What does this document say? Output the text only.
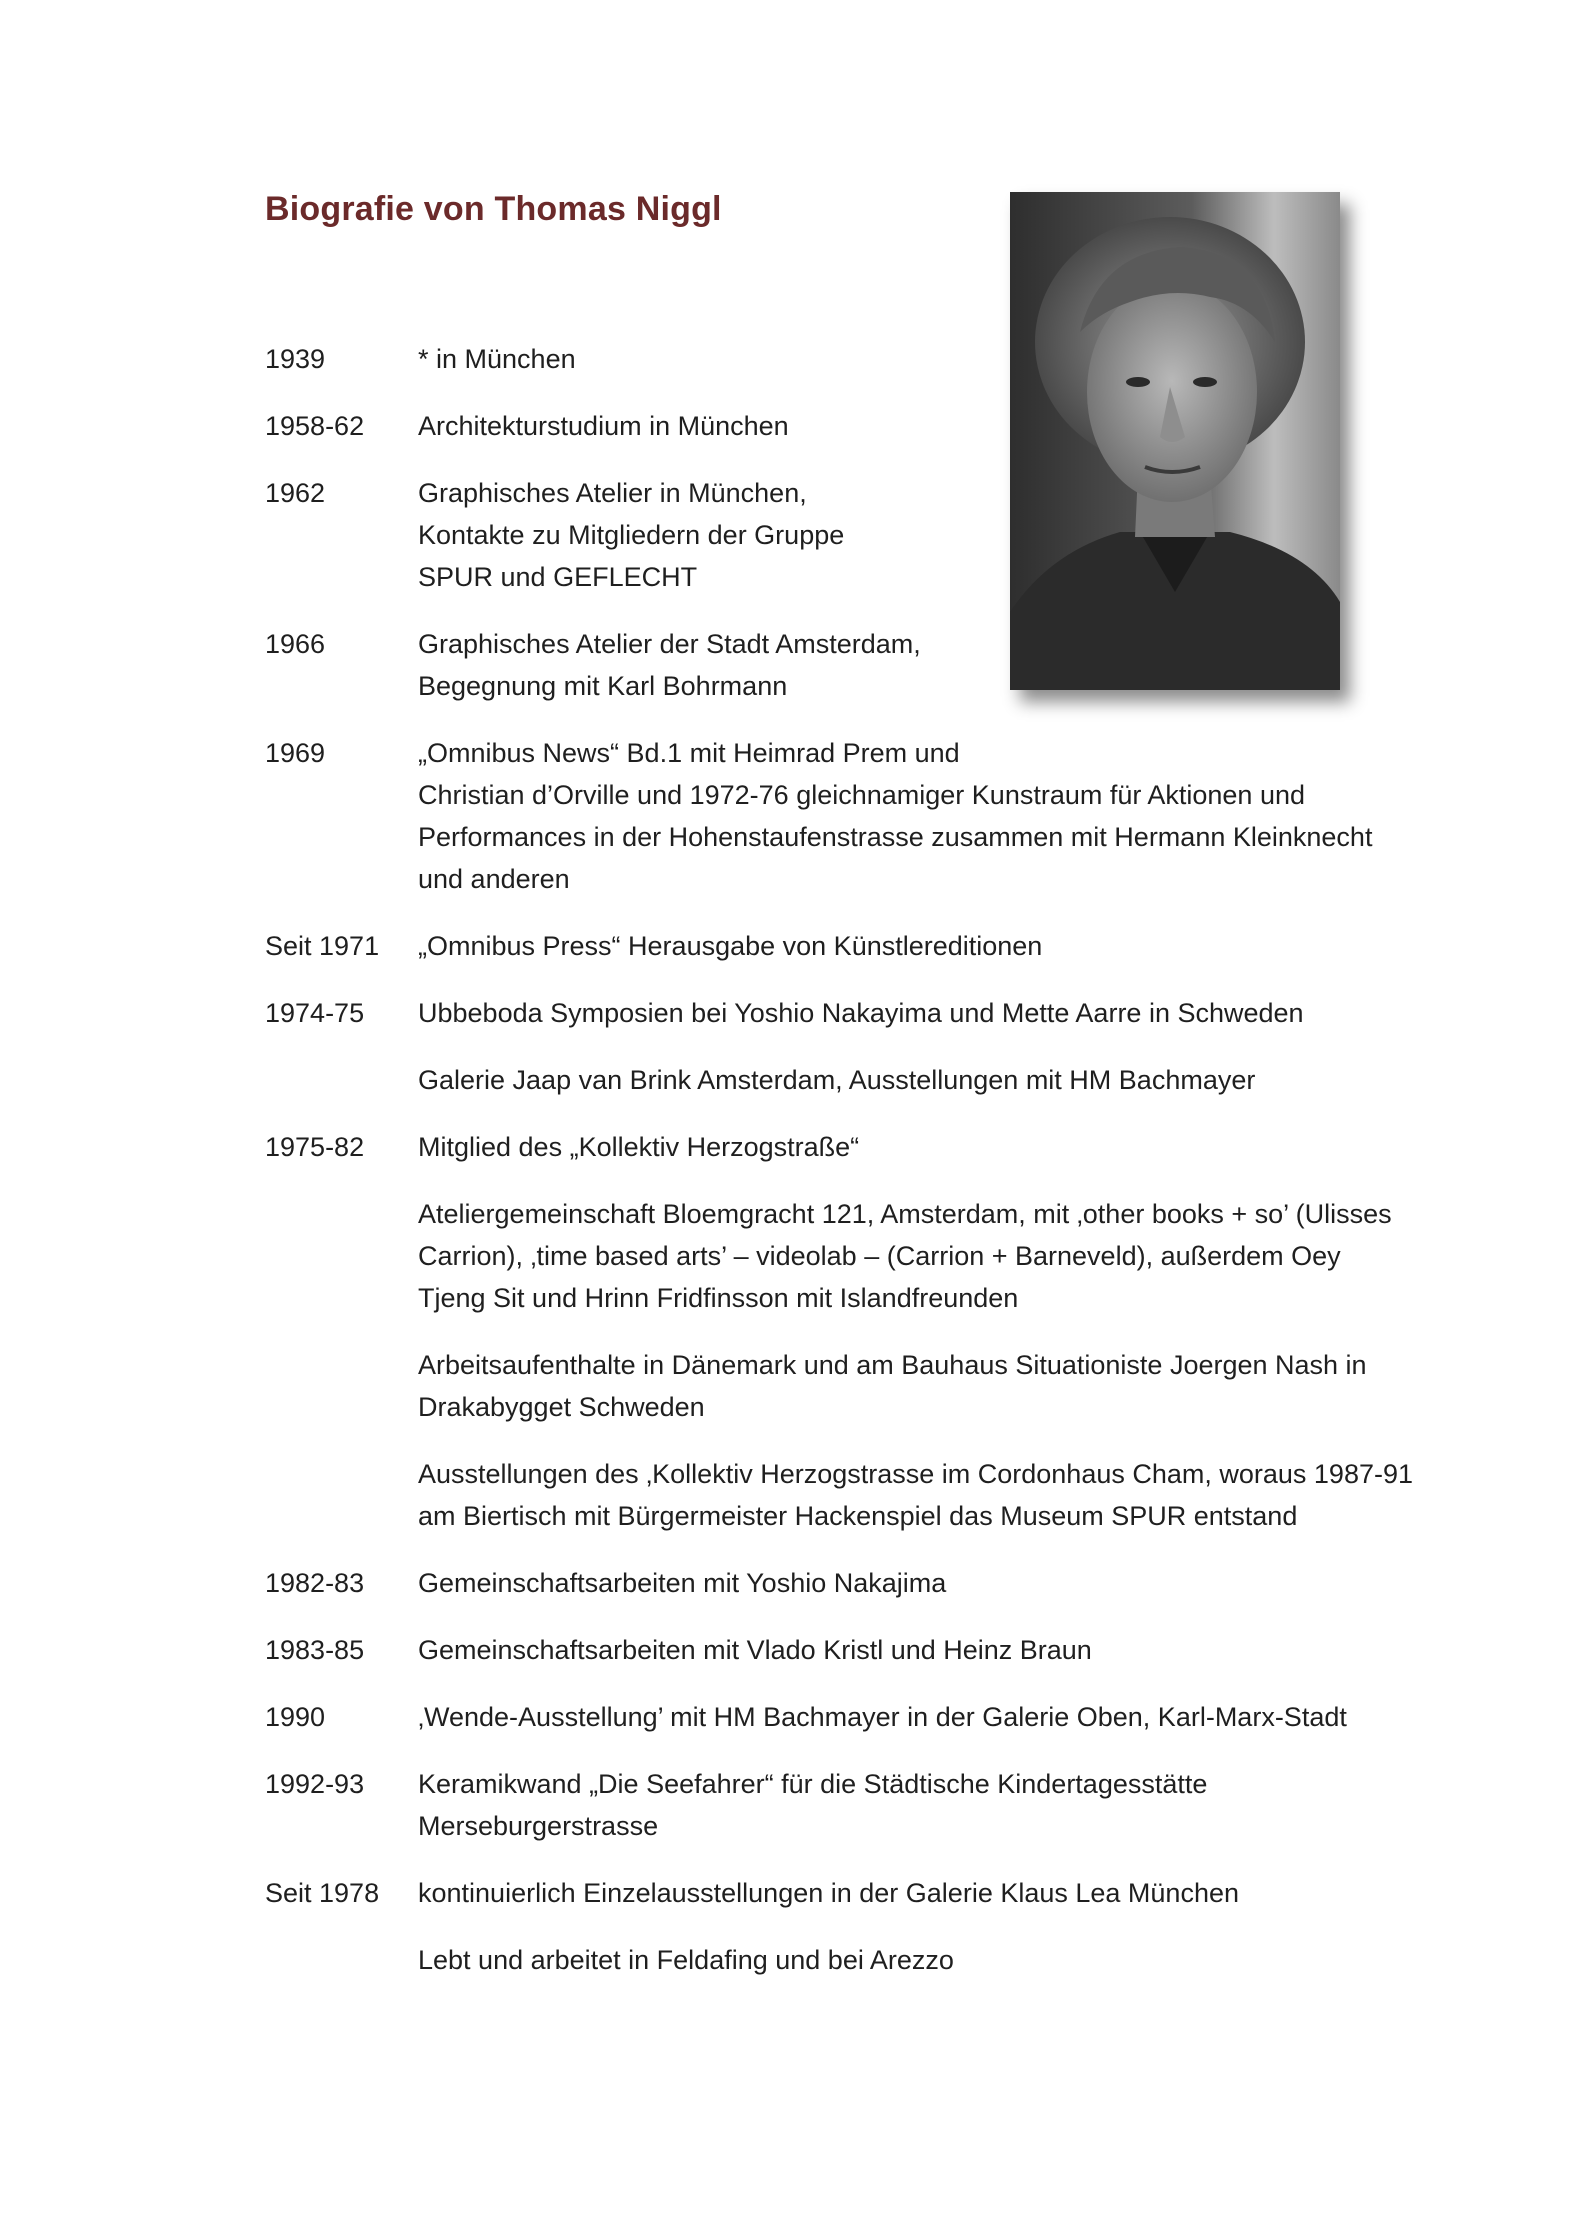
Biografie von Thomas Niggl
1939	* in München
1958-62	Architekturstudium in München
1962	Graphisches Atelier in München,
Kontakte zu Mitgliedern der Gruppe
SPUR und GEFLECHT
1966	Graphisches Atelier der Stadt Amsterdam,
Begegnung mit Karl Bohrmann
1969	„Omnibus News“ Bd.1 mit Heimrad Prem und
Christian d’Orville und 1972-76 gleichnamiger Kunstraum für Aktionen und
Performances in der Hohenstaufenstrasse zusammen mit Hermann Kleinknecht
und anderen
Seit 1971	„Omnibus Press“ Herausgabe von Künstlereditionen
1974-75	Ubbeboda Symposien bei Yoshio Nakayima und Mette Aarre in Schweden
Galerie Jaap van Brink Amsterdam, Ausstellungen mit HM Bachmayer
1975-82	Mitglied des „Kollektiv Herzogstraße“
Ateliergemeinschaft Bloemgracht 121, Amsterdam, mit ‚other books + so’ (Ulisses
Carrion), ‚time based arts’ – videolab – (Carrion + Barneveld), außerdem Oey
Tjeng Sit und Hrinn Fridfinsson mit Islandfreunden
Arbeitsaufenthalte in Dänemark und am Bauhaus Situationiste Joergen Nash in
Drakabygget Schweden
Ausstellungen des ‚Kollektiv Herzogstrasse im Cordonhaus Cham, woraus 1987-91
am Biertisch mit Bürgermeister Hackenspiel das Museum SPUR entstand
1982-83	Gemeinschaftsarbeiten mit Yoshio Nakajima
1983-85	Gemeinschaftsarbeiten mit Vlado Kristl und Heinz Braun
1990	‚Wende-Ausstellung’ mit HM Bachmayer in der Galerie Oben, Karl-Marx-Stadt
1992-93	Keramikwand „Die Seefahrer“ für die Städtische Kindertagesstätte
Merseburgerstrasse
Seit 1978	kontinuierlich Einzelausstellungen in der Galerie Klaus Lea München
Lebt und arbeitet in Feldafing und bei Arezzo
